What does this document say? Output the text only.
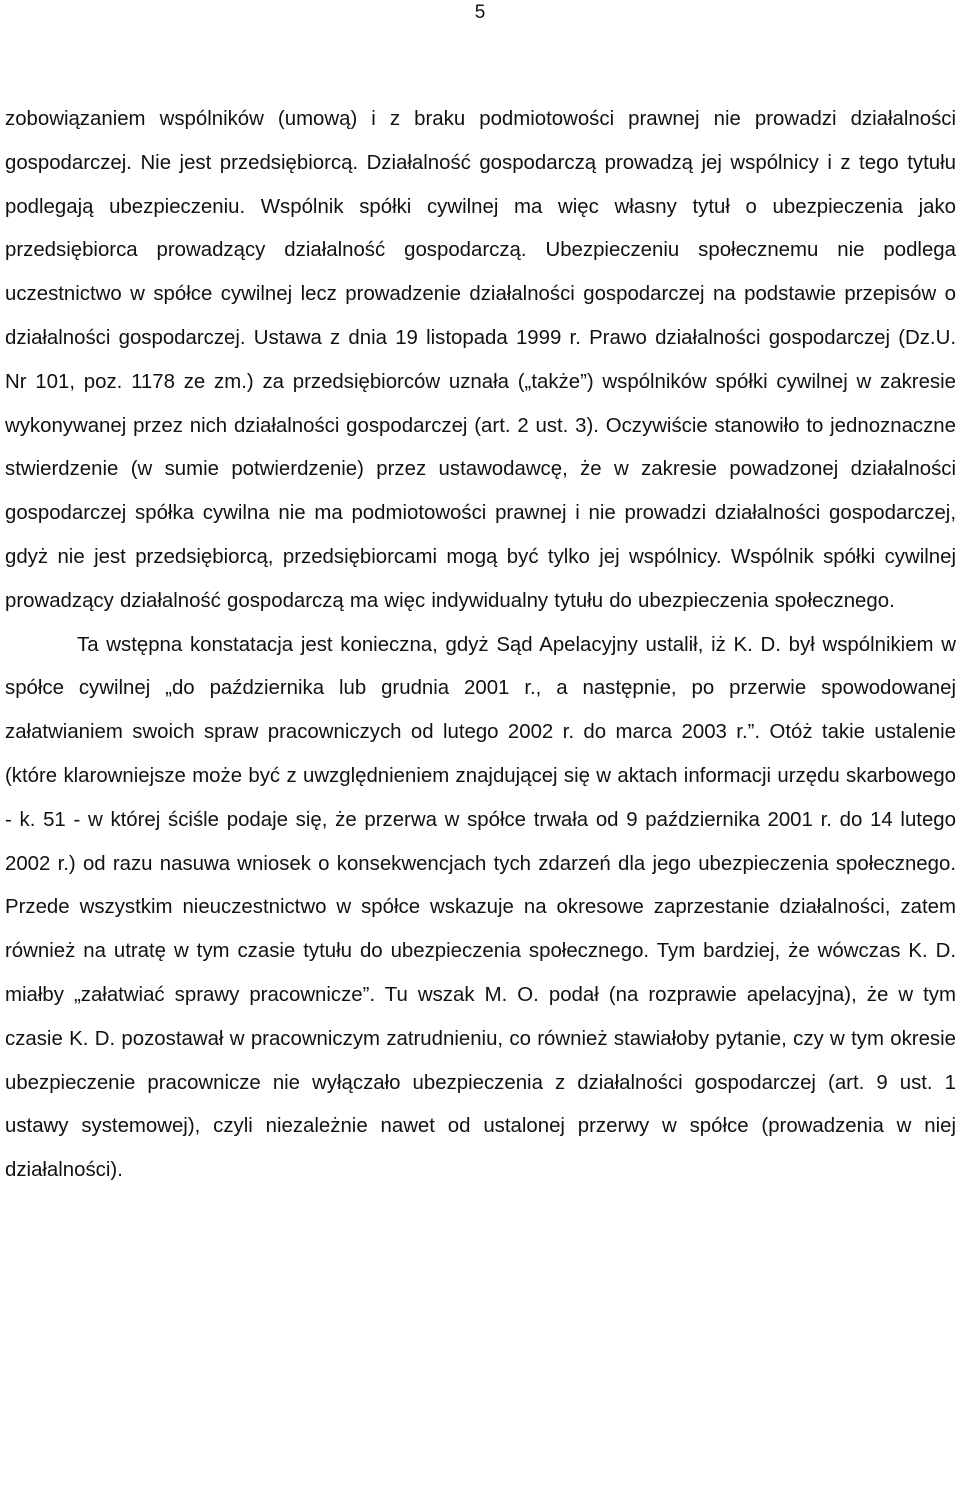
5

zobowiązaniem wspólników (umową) i z braku podmiotowości prawnej nie prowadzi działalności gospodarczej. Nie jest przedsiębiorcą. Działalność gospodarczą prowadzą jej wspólnicy i z tego tytułu podlegają ubezpieczeniu. Wspólnik spółki cywilnej ma więc własny tytuł o ubezpieczenia jako przedsiębiorca prowadzący działalność gospodarczą. Ubezpieczeniu społecznemu nie podlega uczestnictwo w spółce cywilnej lecz prowadzenie działalności gospodarczej na podstawie przepisów o działalności gospodarczej. Ustawa z dnia 19 listopada 1999 r. Prawo działalności gospodarczej (Dz.U. Nr 101, poz. 1178 ze zm.) za przedsiębiorców uznała („także”) wspólników spółki cywilnej w zakresie wykonywanej przez nich działalności gospodarczej (art. 2 ust. 3). Oczywiście stanowiło to jednoznaczne stwierdzenie (w sumie potwierdzenie) przez ustawodawcę, że w zakresie powadzonej działalności gospodarczej spółka cywilna nie ma podmiotowości prawnej i nie prowadzi działalności gospodarczej, gdyż nie jest przedsiębiorcą, przedsiębiorcami mogą być tylko jej wspólnicy. Wspólnik spółki cywilnej prowadzący działalność gospodarczą ma więc indywidualny tytułu do ubezpieczenia społecznego.

Ta wstępna konstatacja jest konieczna, gdyż Sąd Apelacyjny ustalił, iż K. D. był wspólnikiem w spółce cywilnej „do października lub grudnia 2001 r., a następnie, po przerwie spowodowanej załatwianiem swoich spraw pracowniczych od lutego 2002 r. do marca 2003 r.”. Otóż takie ustalenie (które klarowniejsze może być z uwzględnieniem znajdującej się w aktach informacji urzędu skarbowego - k. 51 - w której ściśle podaje się, że przerwa w spółce trwała od 9 października 2001 r. do 14 lutego 2002 r.) od razu nasuwa wniosek o konsekwencjach tych zdarzeń dla jego ubezpieczenia społecznego. Przede wszystkim nieuczestnictwo w spółce wskazuje na okresowe zaprzestanie działalności, zatem również na utratę w tym czasie tytułu do ubezpieczenia społecznego. Tym bardziej, że wówczas K. D. miałby „załatwiać sprawy pracownicze”. Tu wszak M. O. podał (na rozprawie apelacyjna), że w tym czasie K. D. pozostawał w pracowniczym zatrudnieniu, co również stawiałoby pytanie, czy w tym okresie ubezpieczenie pracownicze nie wyłączało ubezpieczenia z działalności gospodarczej (art. 9 ust. 1 ustawy systemowej), czyli niezależnie nawet od ustalonej przerwy w spółce (prowadzenia w niej działalności).
